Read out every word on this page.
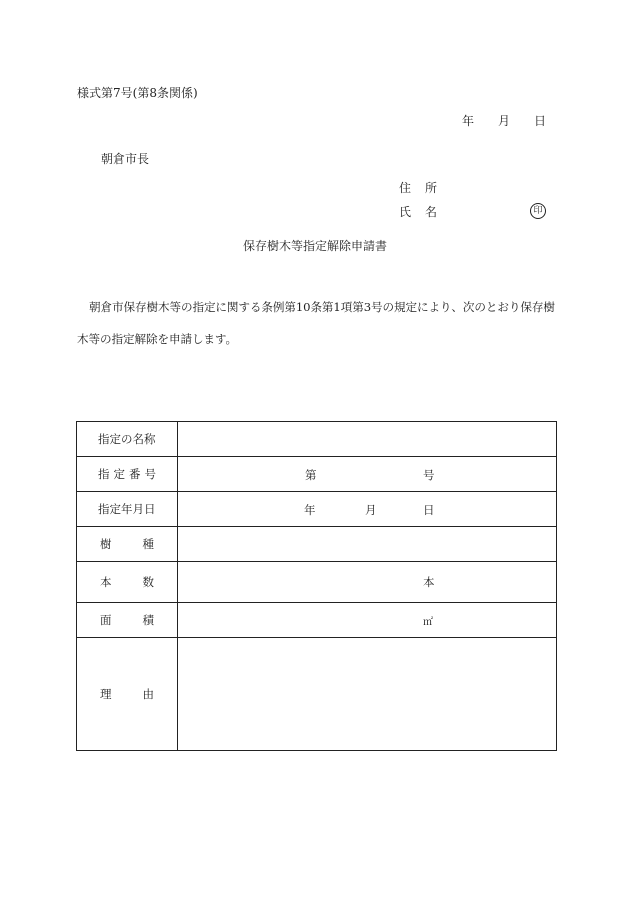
様式第7号(第8条関係)
年 月 日
朝倉市長
住 所
氏 名	印
保存樹木等指定解除申請書
朝倉市保存樹木等の指定に関する条例第10条第1項第3号の規定により、次のとおり保存樹木等の指定解除を申請します。
指定の名称	

指 定 番 号	第 号

指定年月日	年 月 日

樹 種	

本 数	本

面 積	㎡

理 由	
